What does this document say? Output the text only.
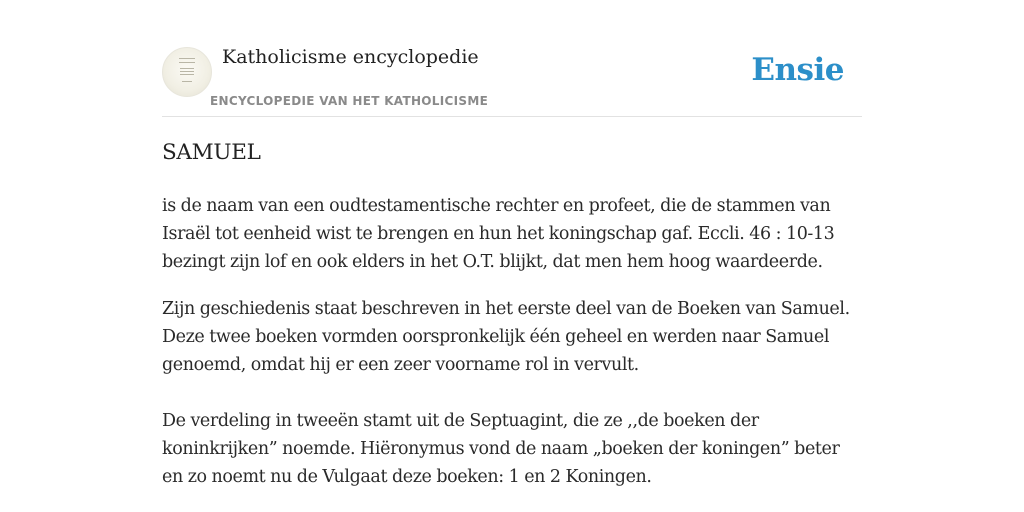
Katholicisme encyclopedie
ENCYCLOPEDIE VAN HET KATHOLICISME
Ensie
SAMUEL

is de naam van een oudtestamentische rechter en profeet, die de stammen van
Israël tot eenheid wist te brengen en hun het koningschap gaf. Eccli. 46 : 10-13
bezingt zijn lof en ook elders in het O.T. blijkt, dat men hem hoog waardeerde.

Zijn geschiedenis staat beschreven in het eerste deel van de Boeken van Samuel.
Deze twee boeken vormden oorspronkelijk één geheel en werden naar Samuel
genoemd, omdat hij er een zeer voorname rol in vervult.

De verdeling in tweeën stamt uit de Septuagint, die ze ,,de boeken der
koninkrijken” noemde. Hiëronymus vond de naam „boeken der koningen” beter
en zo noemt nu de Vulgaat deze boeken: 1 en 2 Koningen.
